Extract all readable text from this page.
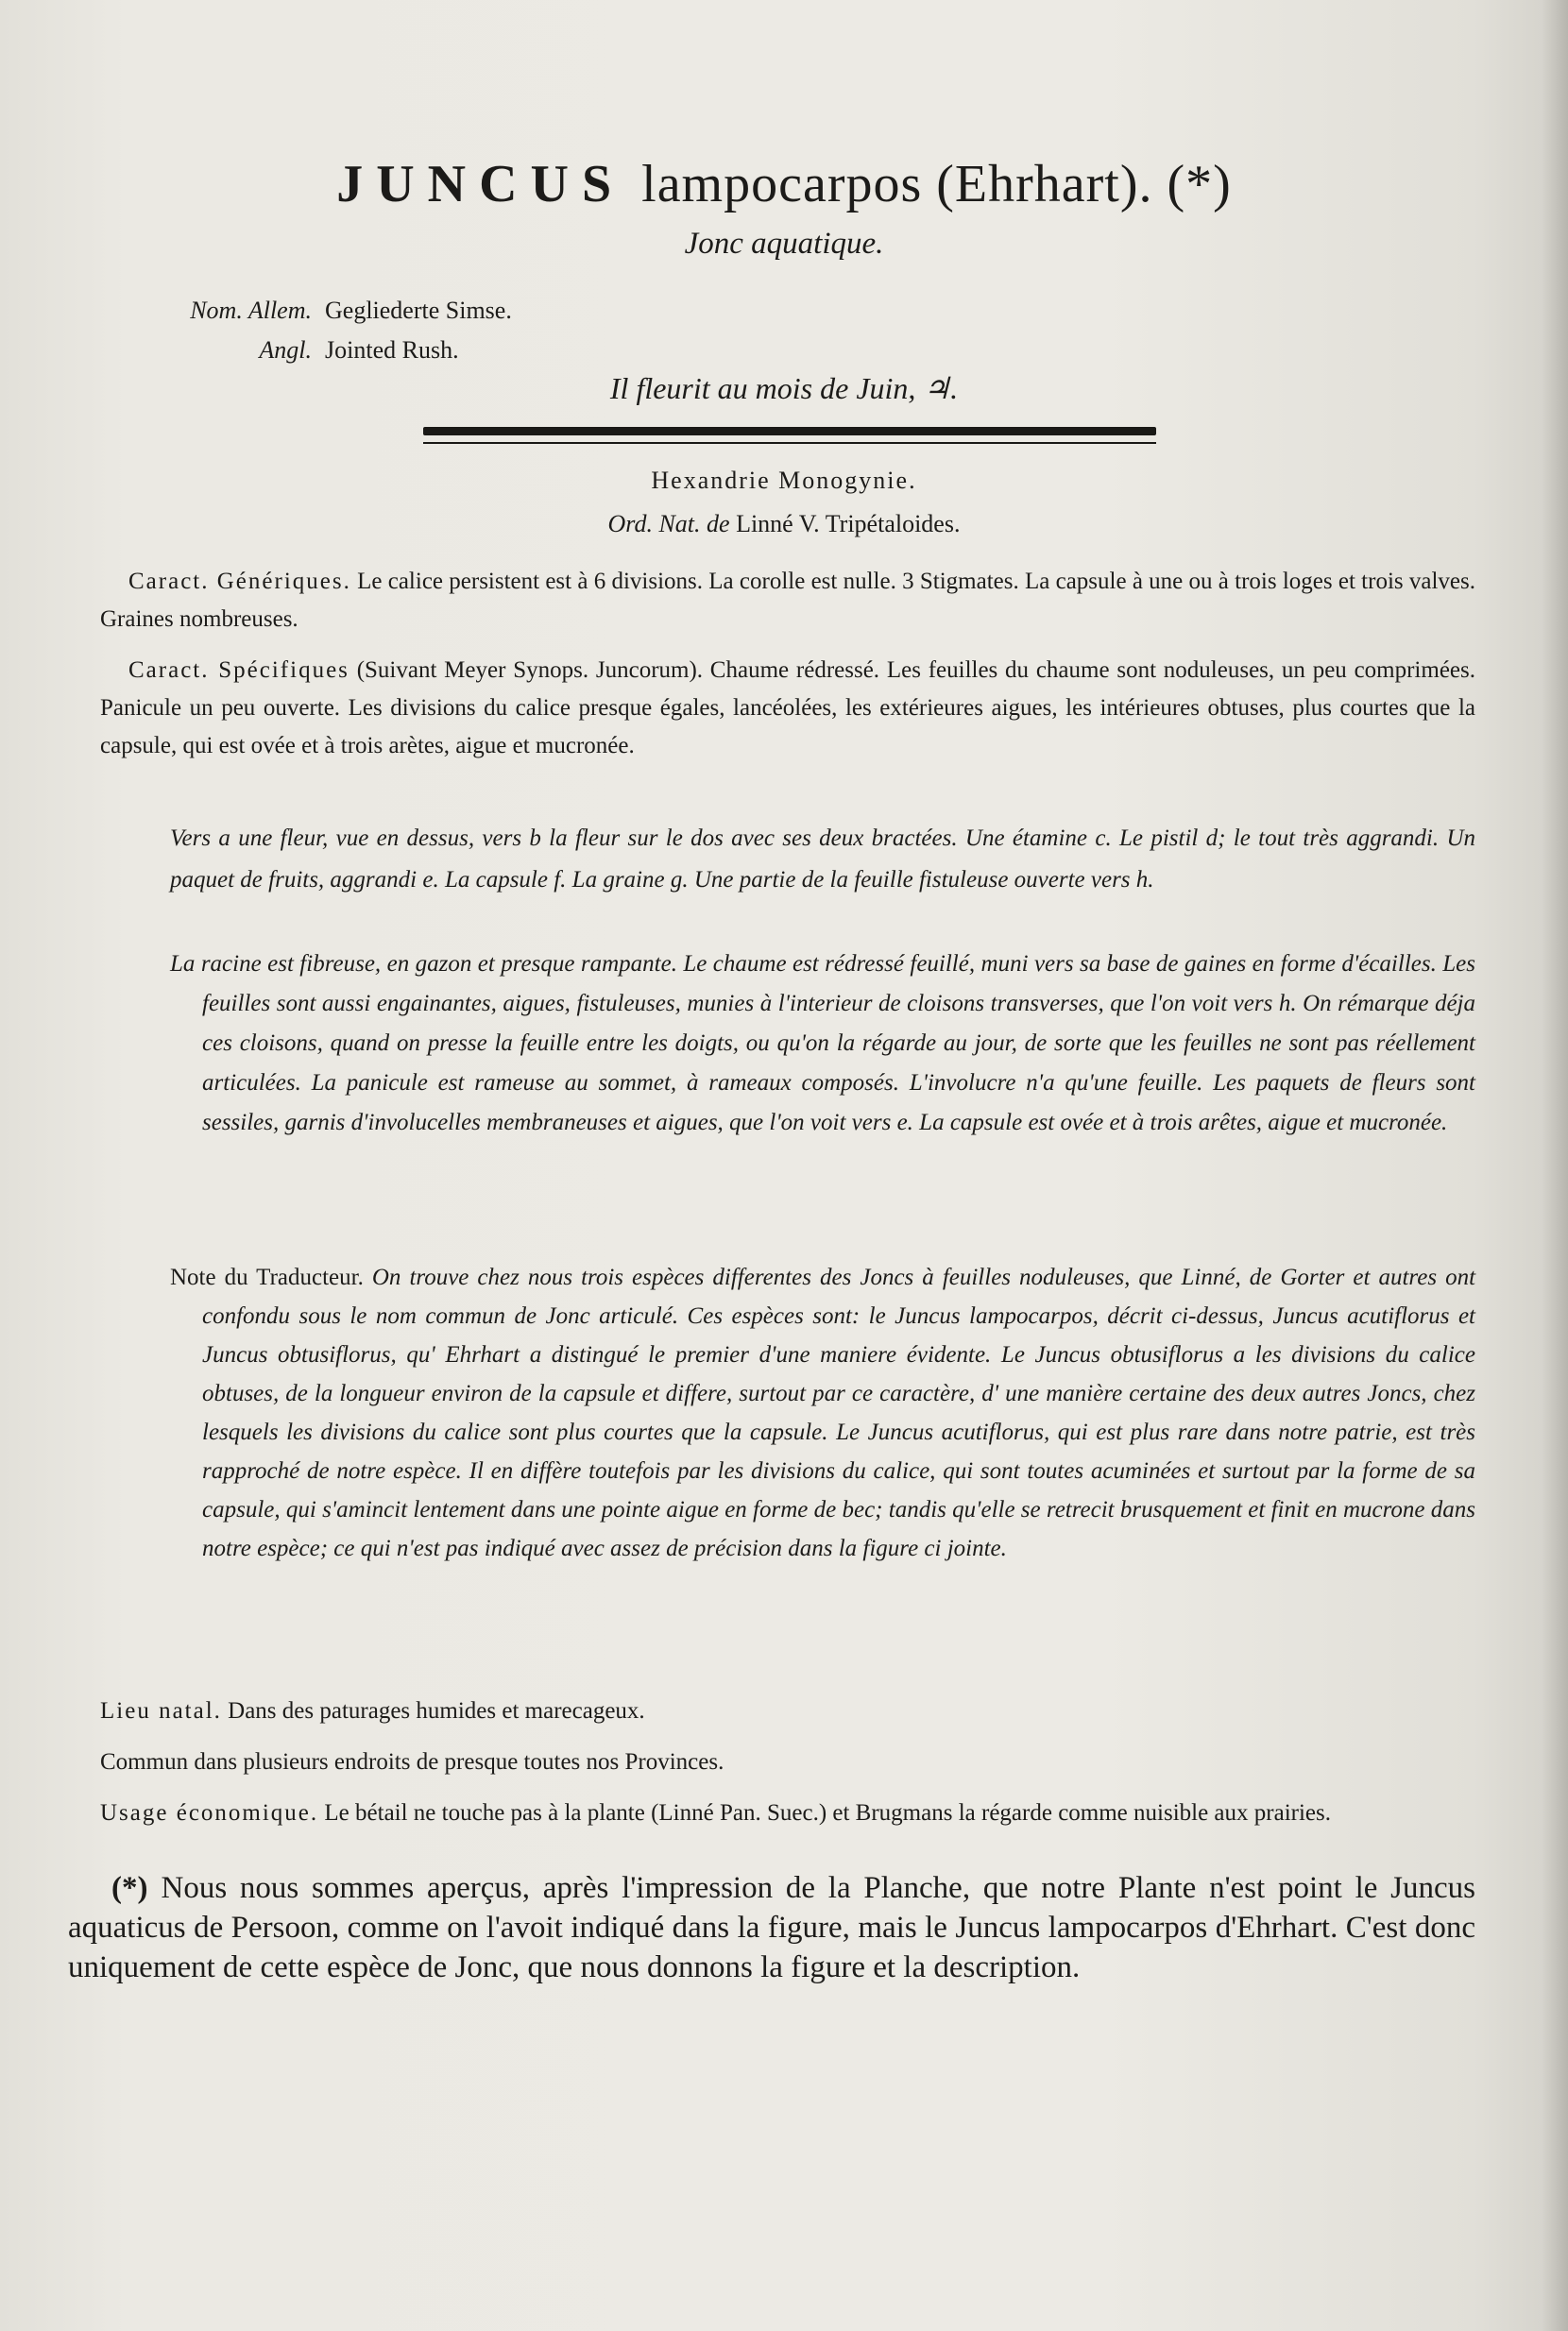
JUNCUS lampocarpos (Ehrhart). (*)
Jonc aquatique.
Nom. Allem. Gegliederte Simse.
Angl. Jointed Rush.
Il fleurit au mois de Juin, ♃.
Hexandrie Monogynie.
Ord. Nat. de Linné V. Tripétaloides.
Caract. Génériques. Le calice persistent est à 6 divisions. La corolle est nulle. 3 Stigmates. La capsule à une ou à trois loges et trois valves. Graines nombreuses.
Caract. Spécifiques (Suivant Meyer Synops. Juncorum). Chaume rédressé. Les feuilles du chaume sont noduleuses, un peu comprimées. Panicule un peu ouverte. Les divisions du calice presque égales, lancéolées, les extérieures aigues, les intérieures obtuses, plus courtes que la capsule, qui est ovée et à trois arètes, aigue et mucronée.
Vers a une fleur, vue en dessus, vers b la fleur sur le dos avec ses deux bractées. Une étamine c. Le pistil d; le tout très aggrandi. Un paquet de fruits, aggrandi e. La capsule f. La graine g. Une partie de la feuille fistuleuse ouverte vers h.
La racine est fibreuse, en gazon et presque rampante. Le chaume est rédressé feuillé, muni vers sa base de gaines en forme d'écailles. Les feuilles sont aussi engainantes, aigues, fistuleuses, munies à l'interieur de cloisons transverses, que l'on voit vers h. On rémarque déja ces cloisons, quand on presse la feuille entre les doigts, ou qu'on la régarde au jour, de sorte que les feuilles ne sont pas réellement articulées. La panicule est rameuse au sommet, à rameaux composés. L'involucre n'a qu'une feuille. Les paquets de fleurs sont sessiles, garnis d'involucelles membraneuses et aigues, que l'on voit vers e. La capsule est ovée et à trois arêtes, aigue et mucronée.
Note du Traducteur. On trouve chez nous trois espèces differentes des Joncs à feuilles noduleuses, que Linné, de Gorter et autres ont confondu sous le nom commun de Jonc articulé. Ces espèces sont: le Juncus lampocarpos, décrit ci-dessus, Juncus acutiflorus et Juncus obtusiflorus, qu' Ehrhart a distingué le premier d'une maniere évidente. Le Juncus obtusiflorus a les divisions du calice obtuses, de la longueur environ de la capsule et differe, surtout par ce caractère, d' une manière certaine des deux autres Joncs, chez lesquels les divisions du calice sont plus courtes que la capsule. Le Juncus acutiflorus, qui est plus rare dans notre patrie, est très rapproché de notre espèce. Il en diffère toutefois par les divisions du calice, qui sont toutes acuminées et surtout par la forme de sa capsule, qui s'amincit lentement dans une pointe aigue en forme de bec; tandis qu'elle se retrecit brusquement et finit en mucrone dans notre espèce; ce qui n'est pas indiqué avec assez de précision dans la figure ci jointe.
Lieu natal. Dans des paturages humides et marecageux.
Commun dans plusieurs endroits de presque toutes nos Provinces.
Usage économique. Le bétail ne touche pas à la plante (Linné Pan. Suec.) et Brugmans la régarde comme nuisible aux prairies.
(*) Nous nous sommes aperçus, après l'impression de la Planche, que notre Plante n'est point le Juncus aquaticus de Persoon, comme on l'avoit indiqué dans la figure, mais le Juncus lampocarpos d'Ehrhart. C'est donc uniquement de cette espèce de Jonc, que nous donnons la figure et la description.
